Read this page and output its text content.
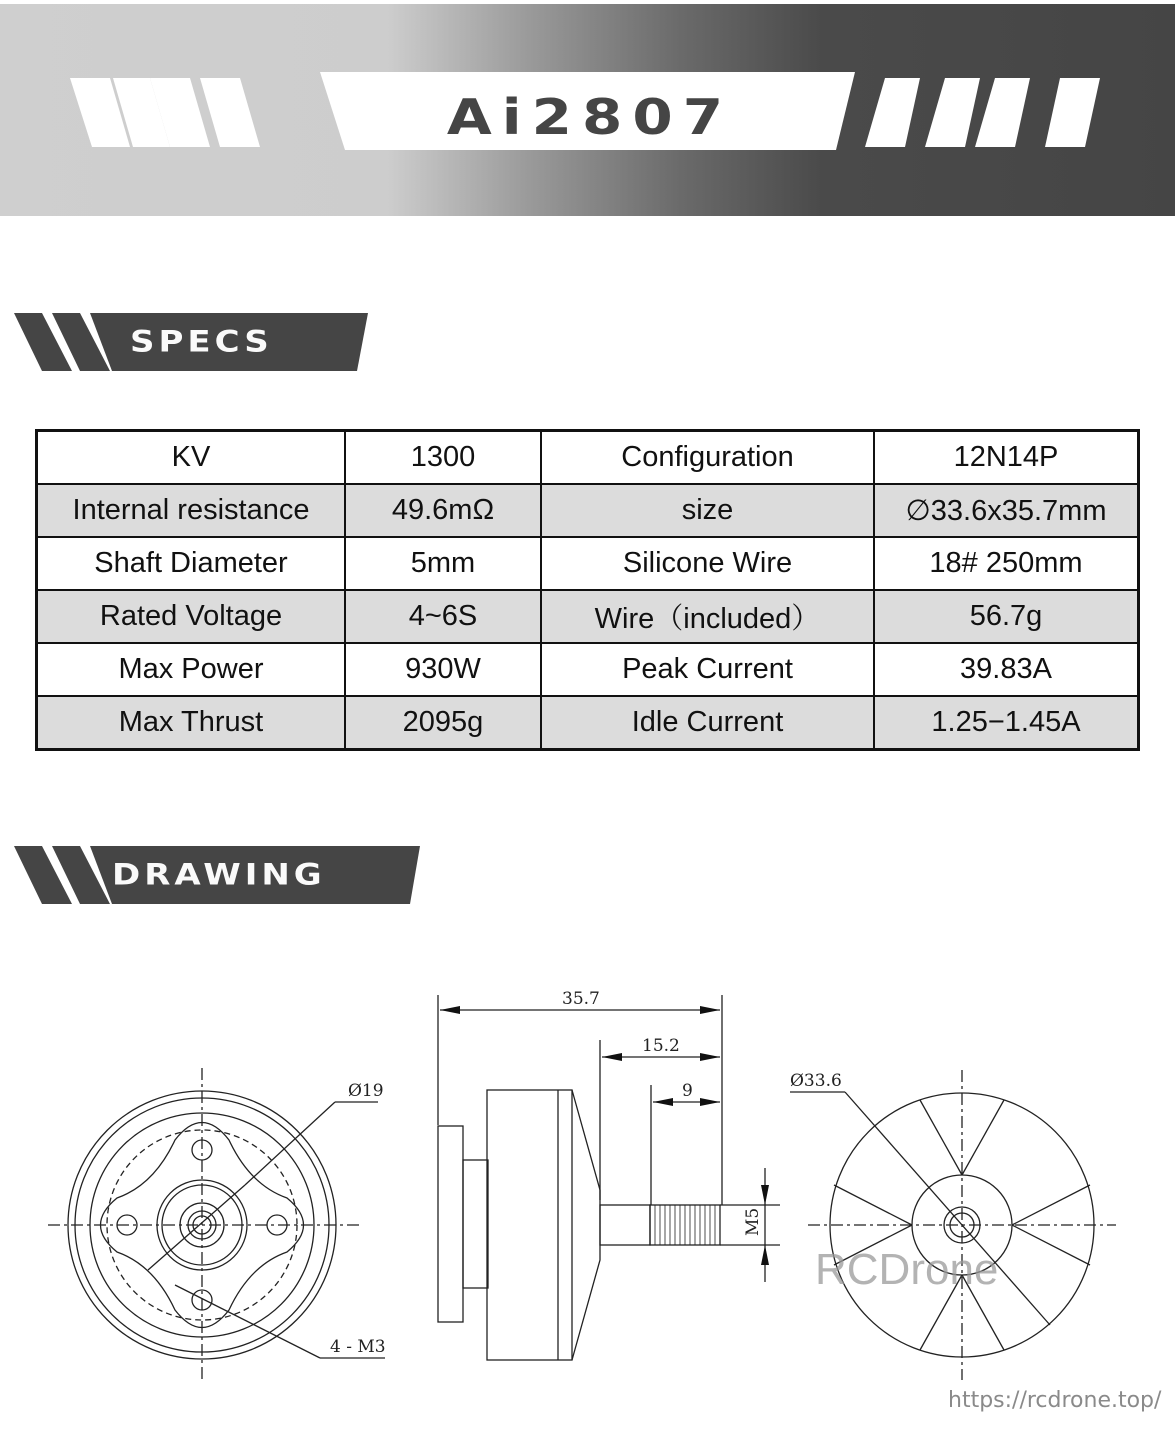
Ai2807
SPECS
KV	1300	Configuration	12N14P
Internal resistance	49.6mΩ	size	∅33.6x35.7mm
Shaft Diameter	5mm	Silicone Wire	18# 250mm
Rated Voltage	4~6S	Wire（included）	56.7g
Max Power	930W	Peak Current	39.83A
Max Thrust	2095g	Idle Current	1.25−1.45A
DRAWING
35.7
15.2
9
M5
Ø19
4 - M3
Ø33.6
RCDrone
https://rcdrone.top/
